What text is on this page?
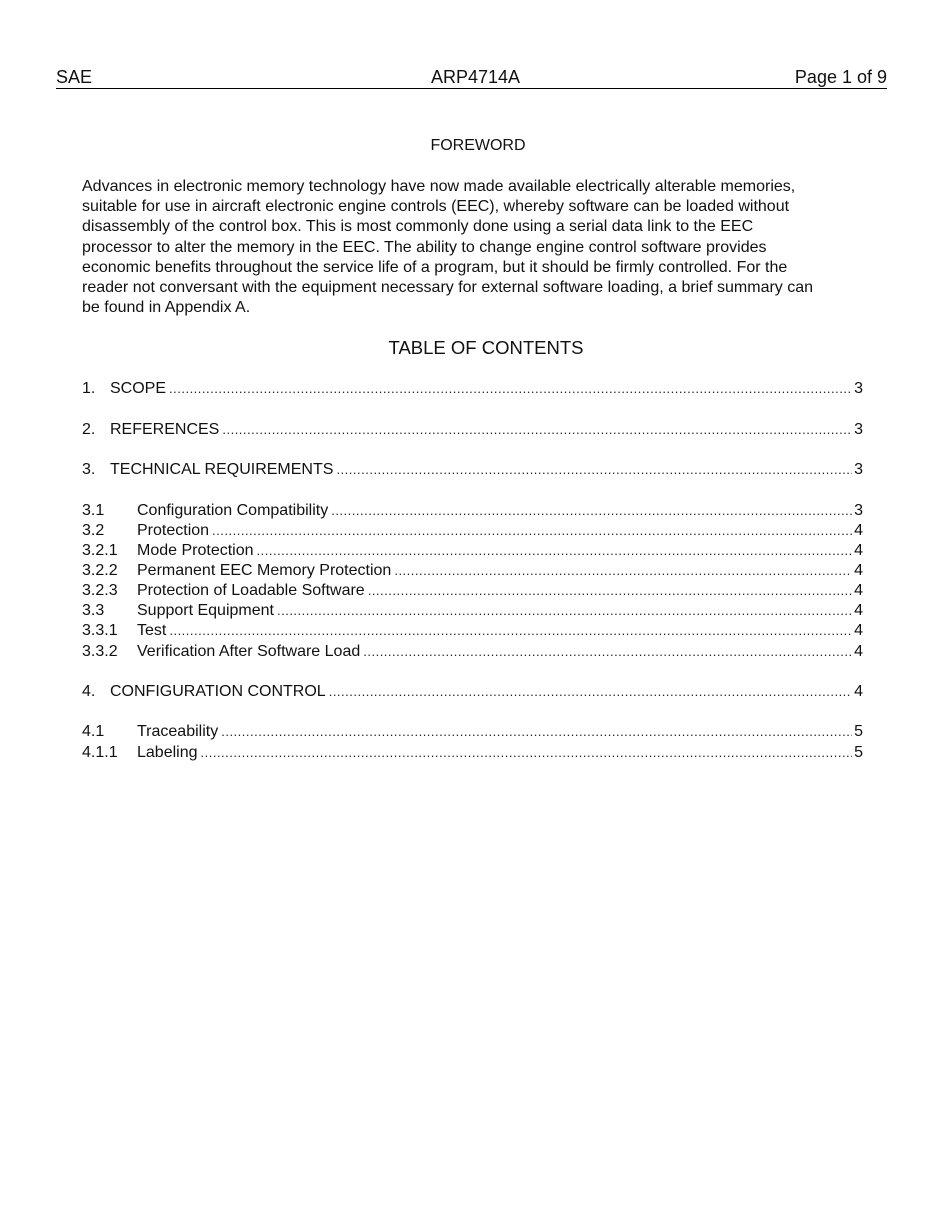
SAE	ARP4714A	Page 1 of 9
FOREWORD
Advances in electronic memory technology have now made available electrically alterable memories,
suitable for use in aircraft electronic engine controls (EEC), whereby software can be loaded without
disassembly of the control box. This is most commonly done using a serial data link to the EEC
processor to alter the memory in the EEC. The ability to change engine control software provides
economic benefits throughout the service life of a program, but it should be firmly controlled. For the
reader not conversant with the equipment necessary for external software loading, a brief summary can
be found in Appendix A.
TABLE OF CONTENTS
1. SCOPE .....	3
2. REFERENCES .....	3
3. TECHNICAL REQUIREMENTS .....	3
3.1	Configuration Compatibility .....	3
3.2	Protection .....	4
3.2.1	Mode Protection .....	4
3.2.2	Permanent EEC Memory Protection .....	4
3.2.3	Protection of Loadable Software .....	4
3.3	Support Equipment .....	4
3.3.1	Test .....	4
3.3.2	Verification After Software Load .....	4
4. CONFIGURATION CONTROL .....	4
4.1	Traceability .....	5
4.1.1	Labeling .....	5
